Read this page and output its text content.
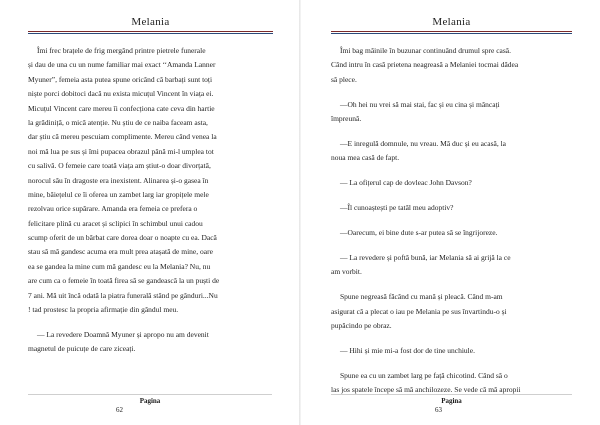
Melania

Îmi frec brațele de frig mergând printre pietrele funerale
și dau de una cu un nume familiar mai exact ‘‘Amanda Lanner
Myuner”, femeia asta putea spune oricând că barbați sunt toți
niște porci dobitoci dacă nu exista micuțul Vincent în viața ei.
Micuțul Vincent care mereu îi confecționa cate ceva din hartie
la grădiniță, o mică atenție. Nu știu de ce naiba faceam asta,
dar știu că mereu pescuiam complimente. Mereu când venea la
noi mă lua pe sus și îmi pupacea obrazul până mi-l umplea tot
cu salivă. O femeie care toată viața am știut-o doar divorțată,
norocul său în dragoste era inexistent. Alinarea și-o gasea în
mine, băiețelul ce îi oferea un zambet larg iar gropițele mele
rezolvau orice supărare. Amanda era femeia ce prefera o
felicitare plină cu aracet și sclipici în schimbul unui cadou
scump oferit de un bărbat care dorea doar o noapte cu ea. Dacă
stau să mă gandesc acuma era mult prea atașată de mine, oare
ea se gandea la mine cum mă gandesc eu la Melania? Nu, nu
are cum ca o femeie în toată firea să se gandească la un puști de
7 ani. Mă uit încă odată la piatra funerală stând pe gânduri...Nu
! tad prostesc la propria afirmație din gândul meu.

— La revedere Doamnă Myuner și apropo nu am devenit
magnetul de puicuțe de care ziceați.

Pagina
62
Melania

Îmi bag mâinile în buzunar continuând drumul spre casă.
Când intru în casă prietena neagreasă a Melaniei tocmai dădea
să plece.

—Oh hei nu vrei să mai stai, fac și eu cina și mâncați
împreună.

—E inregulă domnule, nu vreau. Mă duc și eu acasă, la
noua mea casă de fapt.

— La ofițerul cap de dovleac John Davson?

—Îl cunoaștești pe tatăl meu adoptiv?

—Oarecum, ei bine dute s-ar putea să se îngrijoreze.

— La revedere și poftă bună, iar Melania să ai grijă la ce
am vorbit.

Spune negreasă făcând cu mană și pleacă. Când m-am
asigurat că a plecat o iau pe Melania pe sus învartindu-o și
pupăcindo pe obraz.

— Hihi și mie mi-a fost dor de tine unchiule.

Spune ea cu un zambet larg pe față chicotind. Când să o
las jos spatele începe să mă anchilozeze. Se vede că mă apropii

Pagina
63
